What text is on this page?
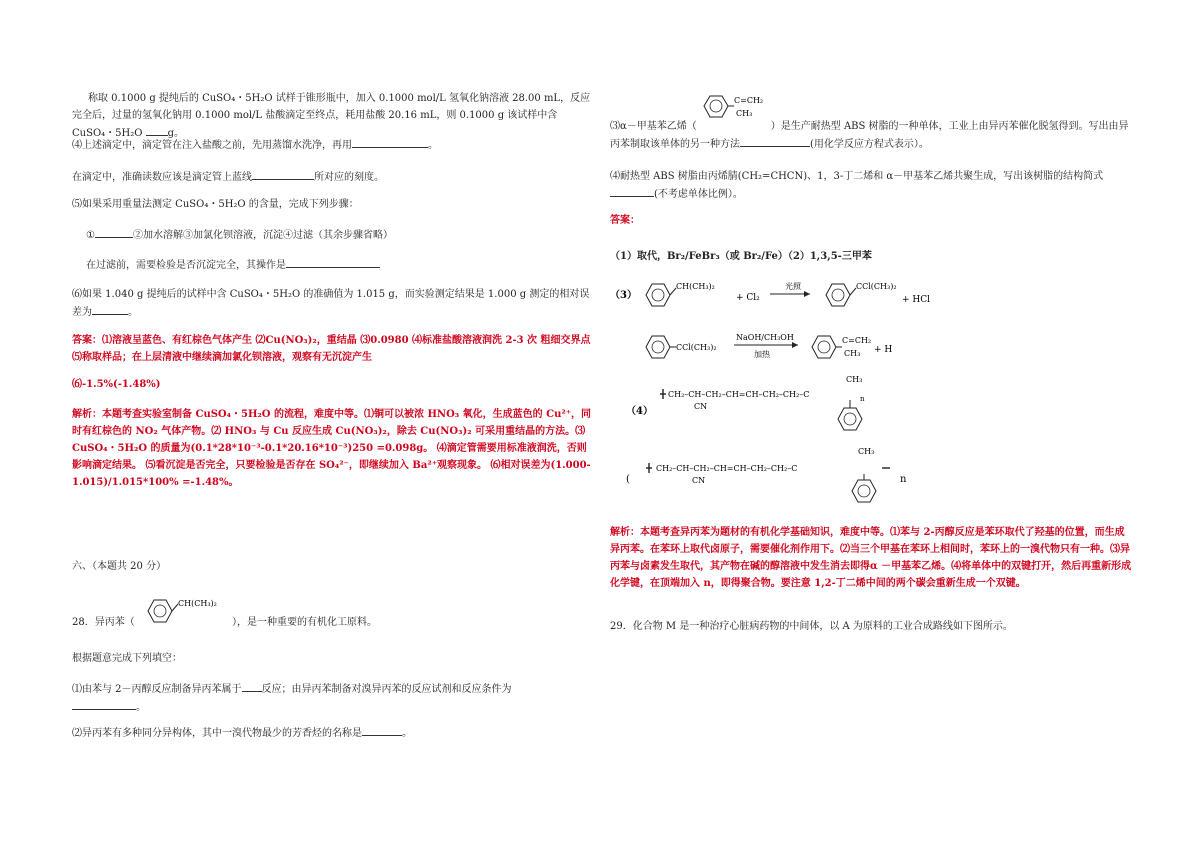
称取 0.1000 g 提纯后的 CuSO₄・5H₂O 试样于锥形瓶中，加入 0.1000 mol/L 氢氧化钠溶液 28.00 mL，反应完全后，过量的氢氧化钠用 0.1000 mol/L 盐酸滴定至终点，耗用盐酸 20.16 mL，则 0.1000 g 该试样中含 CuSO₄・5H₂O	g。

⑷上述滴定中，滴定管在注入盐酸之前，先用蒸馏水洗净，再用	。

在滴定中，准确读数应该是滴定管上蓝线	所对应的刻度。

⑸如果采用重量法测定 CuSO₄・5H₂O 的含量，完成下列步骤：

①	②加水溶解③加氯化钡溶液，沉淀④过滤（其余步骤省略）

在过滤前，需要检验是否沉淀完全，其操作是

⑹如果 1.040 g 提纯后的试样中含 CuSO₄・5H₂O 的准确值为 1.015 g，而实验测定结果是 1.000 g 测定的相对误差为	。

答案：⑴溶液呈蓝色、有红棕色气体产生 ⑵Cu(NO₃)₂，重结晶 ⑶0.0980 ⑷标准盐酸溶液润洗 2-3 次 粗细交界点 ⑸称取样品；在上层清液中继续滴加氯化钡溶液，观察有无沉淀产生

⑹-1.5%(-1.48%)

解析：本题考查实验室制备 CuSO₄・5H₂O 的流程，难度中等。⑴铜可以被浓 HNO₃ 氧化，生成蓝色的 Cu²⁺，同时有红棕色的 NO₂ 气体产物。⑵ HNO₃ 与 Cu 反应生成 Cu(NO₃)₂，除去 Cu(NO₃)₂ 可采用重结晶的方法。⑶ CuSO₄・5H₂O 的质量为(0.1*28*10⁻³-0.1*20.16*10⁻³)250 =0.098g。 ⑷滴定管需要用标准液润洗，否则影响滴定结果。 ⑸看沉淀是否完全，只要检验是否存在 SO₄²⁻，即继续加入 Ba²⁺观察现象。 ⑹相对误差为(1.000-1.015)/1.015*100% =-1.48%。

六、（本题共 20 分）

28．异丙苯（
CH(CH₃)₂
），是一种重要的有机化工原料。

根据题意完成下列填空：

⑴由苯与 2－丙醇反应制备异丙苯属于 反应；由异丙苯制备对溴异丙苯的反应试剂和反应条件为。

⑵异丙苯有多种同分异构体，其中一溴代物最少的芳香烃的名称是	。

C=CH₂
CH₃

⑶α－甲基苯乙烯（	）是生产耐热型 ABS 树脂的一种单体，工业上由异丙苯催化脱氢得到。写出由异丙苯制取该单体的另一种方法	(用化学反应方程式表示）。

⑷耐热型 ABS 树脂由丙烯腈(CH₂=CHCN)、1，3-丁二烯和 α－甲基苯乙烯共聚生成，写出该树脂的结构简式(不考虑单体比例）。

答案：

（1）取代，Br₂/FeBr₃（或 Br₂/Fe）（2）1,3,5-三甲苯
（3）
CH(CH₃)₂
+ Cl₂
光照	CCl(CH₃)₂
+ HCl
CCl(CH₃)₂
NaOH/CH₃OH
加热
C=CH₂
CH₃ + H
（4）
CH₂–CH–CH₂–CH=CH–CH₂–CH₂–C
CN
CH₃
n
(
CH₂–CH–CH₂–CH=CH–CH₂–CH₂–C
CN
CH₃
n

解析：本题考查异丙苯为题材的有机化学基础知识，难度中等。⑴苯与 2-丙醇反应是苯环取代了羟基的位置，而生成异丙苯。在苯环上取代卤原子，需要催化剂作用下。⑵当三个甲基在苯环上相间时，苯环上的一溴代物只有一种。⑶异丙苯与卤素发生取代，其产物在碱的醇溶液中发生消去即得α －甲基苯乙烯。⑷将单体中的双键打开，然后再重新形成化学键，在顶端加入 n，即得聚合物。要注意 1,2-丁二烯中间的两个碳会重新生成一个双键。

29．化合物 M 是一种治疗心脏病药物的中间体，以 A 为原料的工业合成路线如下图所示。
